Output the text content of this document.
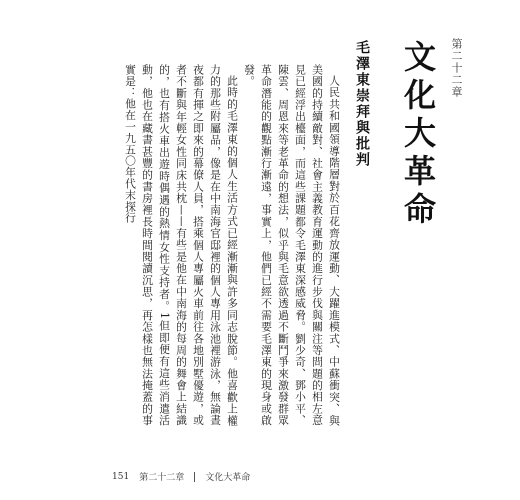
第二十二章
文化大革命
毛澤東崇拜與批判

人民共和國領導階層對於百花齊放運動、大躍進模式、中蘇衝突、與美國的持續敵對、社會主義教育運動的進行步伐與關注等問題的相左意見已經浮出檯面，而這些課題都令毛澤東深感威脅。劉少奇、鄧小平、陳雲、周恩來等老革命的想法，似乎與毛意欲透過不斷鬥爭來激發群眾革命潛能的觀點漸行漸遠，事實上，他們已經不需要毛澤東的現身或啟發。

此時的毛澤東的個人生活方式已經漸漸與許多同志脫節。他喜歡上權力的那些附屬品，像是在中南海官邸裡的個人專用泳池裡游泳，無論晝夜都有揮之即來的幕僚人員，搭乘個人專屬火車前往各地別墅優遊，或者不斷與年輕女性同床共枕——有些是他在中南海的每周的舞會上結識的，也有搭火車出遊時偶遇的熱情女性支持者。1但即便有這些消遣活動，他也在藏書甚豐的書房裡長時間閱讀沉思，再怎樣也無法掩蓋的事實是：他在一九五〇年代末探行

151 第二十二章 文化大革命
